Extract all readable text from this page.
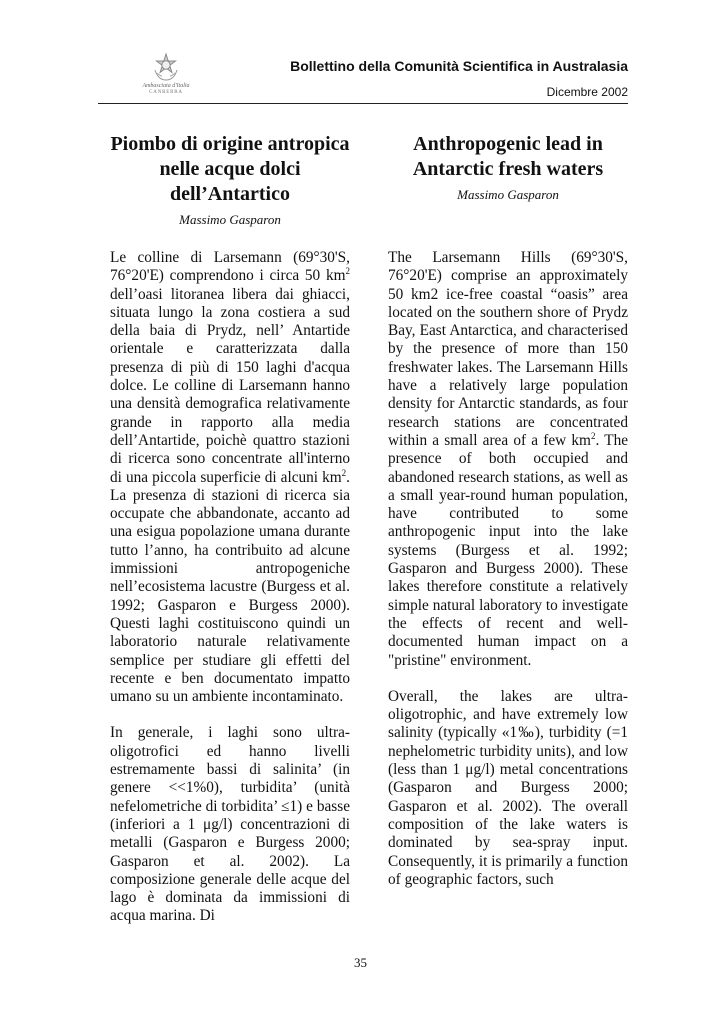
Ambasciata d'Italia
CANBERRA
Bollettino della Comunità Scientifica in Australasia
Dicembre 2002
Piombo di origine antropica
nelle acque dolci
dell’Antartico

Massimo Gasparon

Le colline di Larsemann (69°30'S, 76°20'E) comprendono i circa 50 $km^2$ dell’oasi litoranea libera dai ghiacci, situata lungo la zona costiera a sud della baia di Prydz, nell’ Antartide orientale e caratterizzata dalla presenza di più di 150 laghi d'acqua dolce. Le colline di Larsemann hanno una densità demografica relativamente grande in rapporto alla media dell’Antartide, poichè quattro stazioni di ricerca sono concentrate all'interno di una piccola superficie di alcuni $km^2$. La presenza di stazioni di ricerca sia occupate che abbandonate, accanto ad una esigua popolazione umana durante tutto l’anno, ha contribuito ad alcune immissioni antropogeniche nell’ecosistema lacustre (Burgess et al. 1992; Gasparon e Burgess 2000). Questi laghi costituiscono quindi un laboratorio naturale relativamente semplice per studiare gli effetti del recente e ben documentato impatto umano su un ambiente incontaminato.

In generale, i laghi sono ultra-oligotrofici ed hanno livelli estremamente bassi di salinita’ (in genere <<1%0), turbidita’ (unità nefelometriche di torbidita’ ≤1) e basse (inferiori a 1 μg/l) concentrazioni di metalli (Gasparon e Burgess 2000; Gasparon et al. 2002). La composizione generale delle acque del lago è dominata da immissioni di acqua marina. Di

Anthropogenic lead in
Antarctic fresh waters

Massimo Gasparon

The Larsemann Hills (69°30'S, 76°20'E) comprise an approximately 50 km2 ice-free coastal “oasis” area located on the southern shore of Prydz Bay, East Antarctica, and characterised by the presence of more than 150 freshwater lakes. The Larsemann Hills have a relatively large population density for Antarctic standards, as four research stations are concentrated within a small area of a few $km^2$. The presence of both occupied and abandoned research stations, as well as a small year-round human population, have contributed to some anthropogenic input into the lake systems (Burgess et al. 1992; Gasparon and Burgess 2000). These lakes therefore constitute a relatively simple natural laboratory to investigate the effects of recent and well-documented human impact on a "pristine" environment.

Overall, the lakes are ultra-oligotrophic, and have extremely low salinity (typically «1‰), turbidity (=1 nephelometric turbidity units), and low (less than 1 μg/l) metal concentrations (Gasparon and Burgess 2000; Gasparon et al. 2002). The overall composition of the lake waters is dominated by sea-spray input. Consequently, it is primarily a function of geographic factors, such

35
